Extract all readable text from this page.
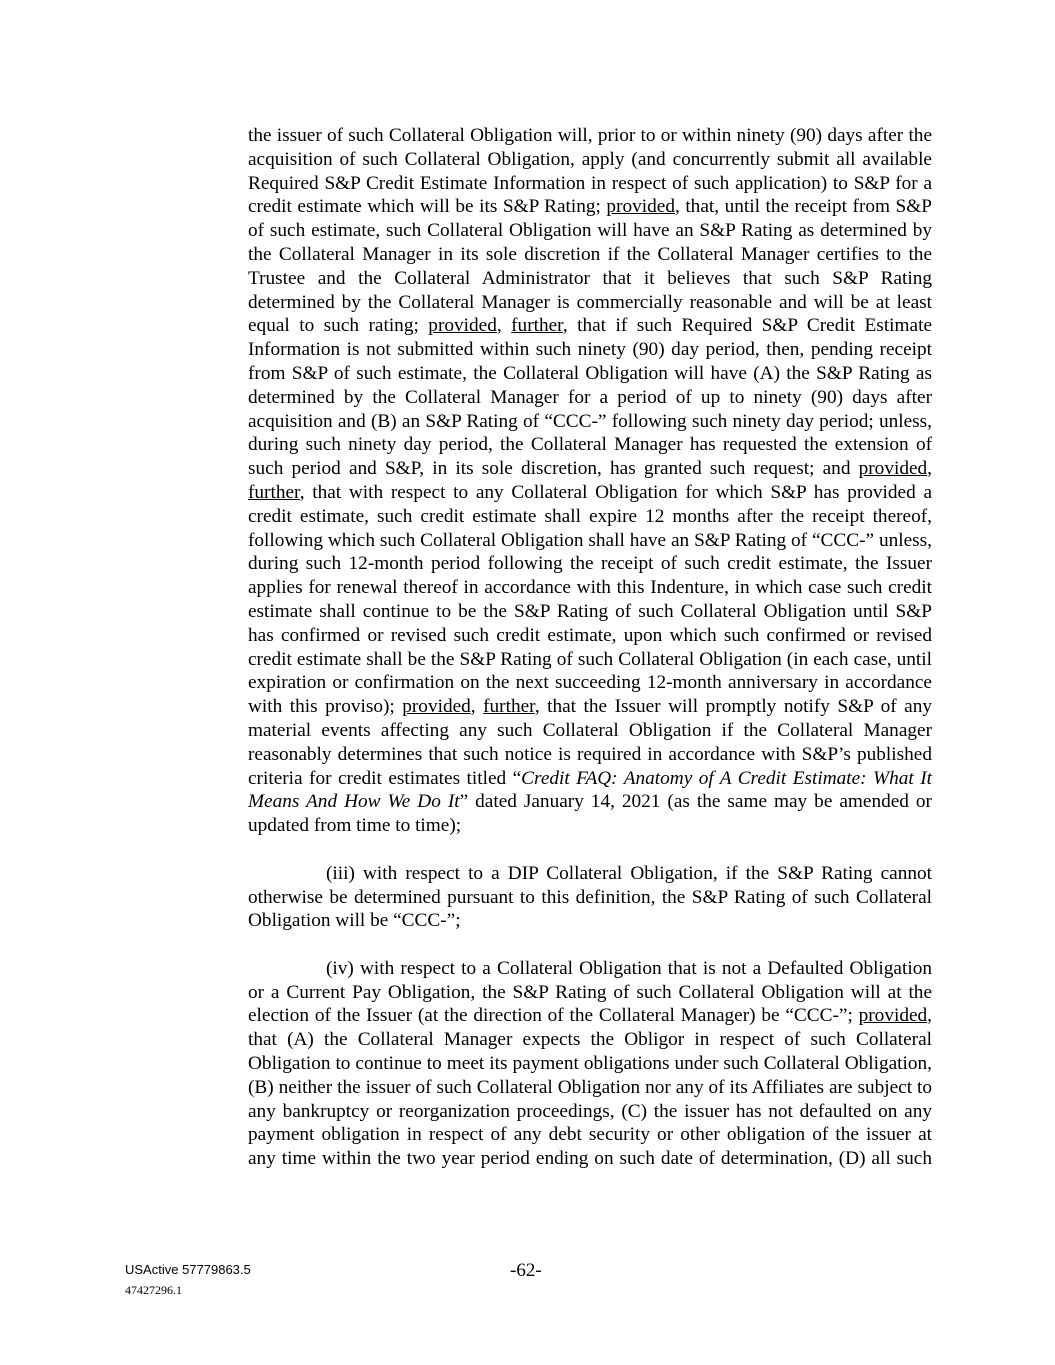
the issuer of such Collateral Obligation will, prior to or within ninety (90) days after the acquisition of such Collateral Obligation, apply (and concurrently submit all available Required S&P Credit Estimate Information in respect of such application) to S&P for a credit estimate which will be its S&P Rating; provided, that, until the receipt from S&P of such estimate, such Collateral Obligation will have an S&P Rating as determined by the Collateral Manager in its sole discretion if the Collateral Manager certifies to the Trustee and the Collateral Administrator that it believes that such S&P Rating determined by the Collateral Manager is commercially reasonable and will be at least equal to such rating; provided, further, that if such Required S&P Credit Estimate Information is not submitted within such ninety (90) day period, then, pending receipt from S&P of such estimate, the Collateral Obligation will have (A) the S&P Rating as determined by the Collateral Manager for a period of up to ninety (90) days after acquisition and (B) an S&P Rating of “CCC-” following such ninety day period; unless, during such ninety day period, the Collateral Manager has requested the extension of such period and S&P, in its sole discretion, has granted such request; and provided, further, that with respect to any Collateral Obligation for which S&P has provided a credit estimate, such credit estimate shall expire 12 months after the receipt thereof, following which such Collateral Obligation shall have an S&P Rating of “CCC-” unless, during such 12-month period following the receipt of such credit estimate, the Issuer applies for renewal thereof in accordance with this Indenture, in which case such credit estimate shall continue to be the S&P Rating of such Collateral Obligation until S&P has confirmed or revised such credit estimate, upon which such confirmed or revised credit estimate shall be the S&P Rating of such Collateral Obligation (in each case, until expiration or confirmation on the next succeeding 12-month anniversary in accordance with this proviso); provided, further, that the Issuer will promptly notify S&P of any material events affecting any such Collateral Obligation if the Collateral Manager reasonably determines that such notice is required in accordance with S&P’s published criteria for credit estimates titled “Credit FAQ: Anatomy of A Credit Estimate: What It Means And How We Do It” dated January 14, 2021 (as the same may be amended or updated from time to time);

(iii) with respect to a DIP Collateral Obligation, if the S&P Rating cannot otherwise be determined pursuant to this definition, the S&P Rating of such Collateral Obligation will be “CCC-”;

(iv) with respect to a Collateral Obligation that is not a Defaulted Obligation or a Current Pay Obligation, the S&P Rating of such Collateral Obligation will at the election of the Issuer (at the direction of the Collateral Manager) be “CCC-”; provided, that (A) the Collateral Manager expects the Obligor in respect of such Collateral Obligation to continue to meet its payment obligations under such Collateral Obligation, (B) neither the issuer of such Collateral Obligation nor any of its Affiliates are subject to any bankruptcy or reorganization proceedings, (C) the issuer has not defaulted on any payment obligation in respect of any debt security or other obligation of the issuer at any time within the two year period ending on such date of determination, (D) all such

USActive 57779863.5
47427296.1
-62-
